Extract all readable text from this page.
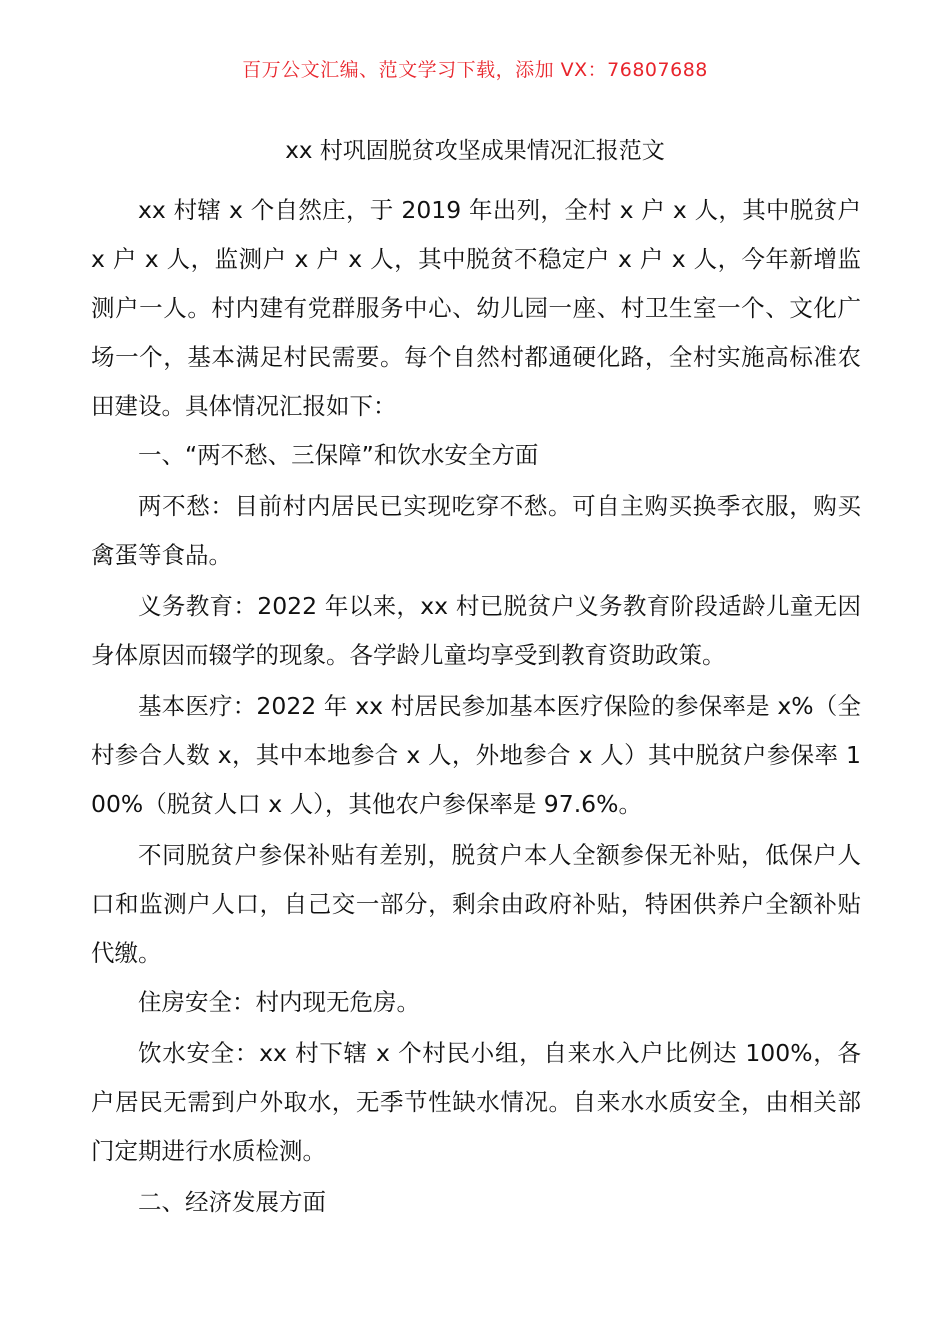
百万公文汇编、范文学习下载，添加 VX：76807688
xx 村巩固脱贫攻坚成果情况汇报范文

xx 村辖 x 个自然庄，于 2019 年出列，全村 x 户 x 人，其中脱贫户 x 户 x 人，监测户 x 户 x 人，其中脱贫不稳定户 x 户 x 人，今年新增监测户一人。村内建有党群服务中心、幼儿园一座、村卫生室一个、文化广场一个，基本满足村民需要。每个自然村都通硬化路，全村实施高标准农田建设。具体情况汇报如下：

一、“两不愁、三保障”和饮水安全方面

两不愁：目前村内居民已实现吃穿不愁。可自主购买换季衣服，购买禽蛋等食品。

义务教育：2022 年以来，xx 村已脱贫户义务教育阶段适龄儿童无因身体原因而辍学的现象。各学龄儿童均享受到教育资助政策。

基本医疗：2022 年 xx 村居民参加基本医疗保险的参保率是 x%（全村参合人数 x，其中本地参合 x 人，外地参合 x 人）其中脱贫户参保率 100%（脱贫人口 x 人），其他农户参保率是 97.6%。

不同脱贫户参保补贴有差别，脱贫户本人全额参保无补贴，低保户人口和监测户人口，自己交一部分，剩余由政府补贴，特困供养户全额补贴代缴。

住房安全：村内现无危房。

饮水安全：xx 村下辖 x 个村民小组，自来水入户比例达 100%，各户居民无需到户外取水，无季节性缺水情况。自来水水质安全，由相关部门定期进行水质检测。

二、经济发展方面
